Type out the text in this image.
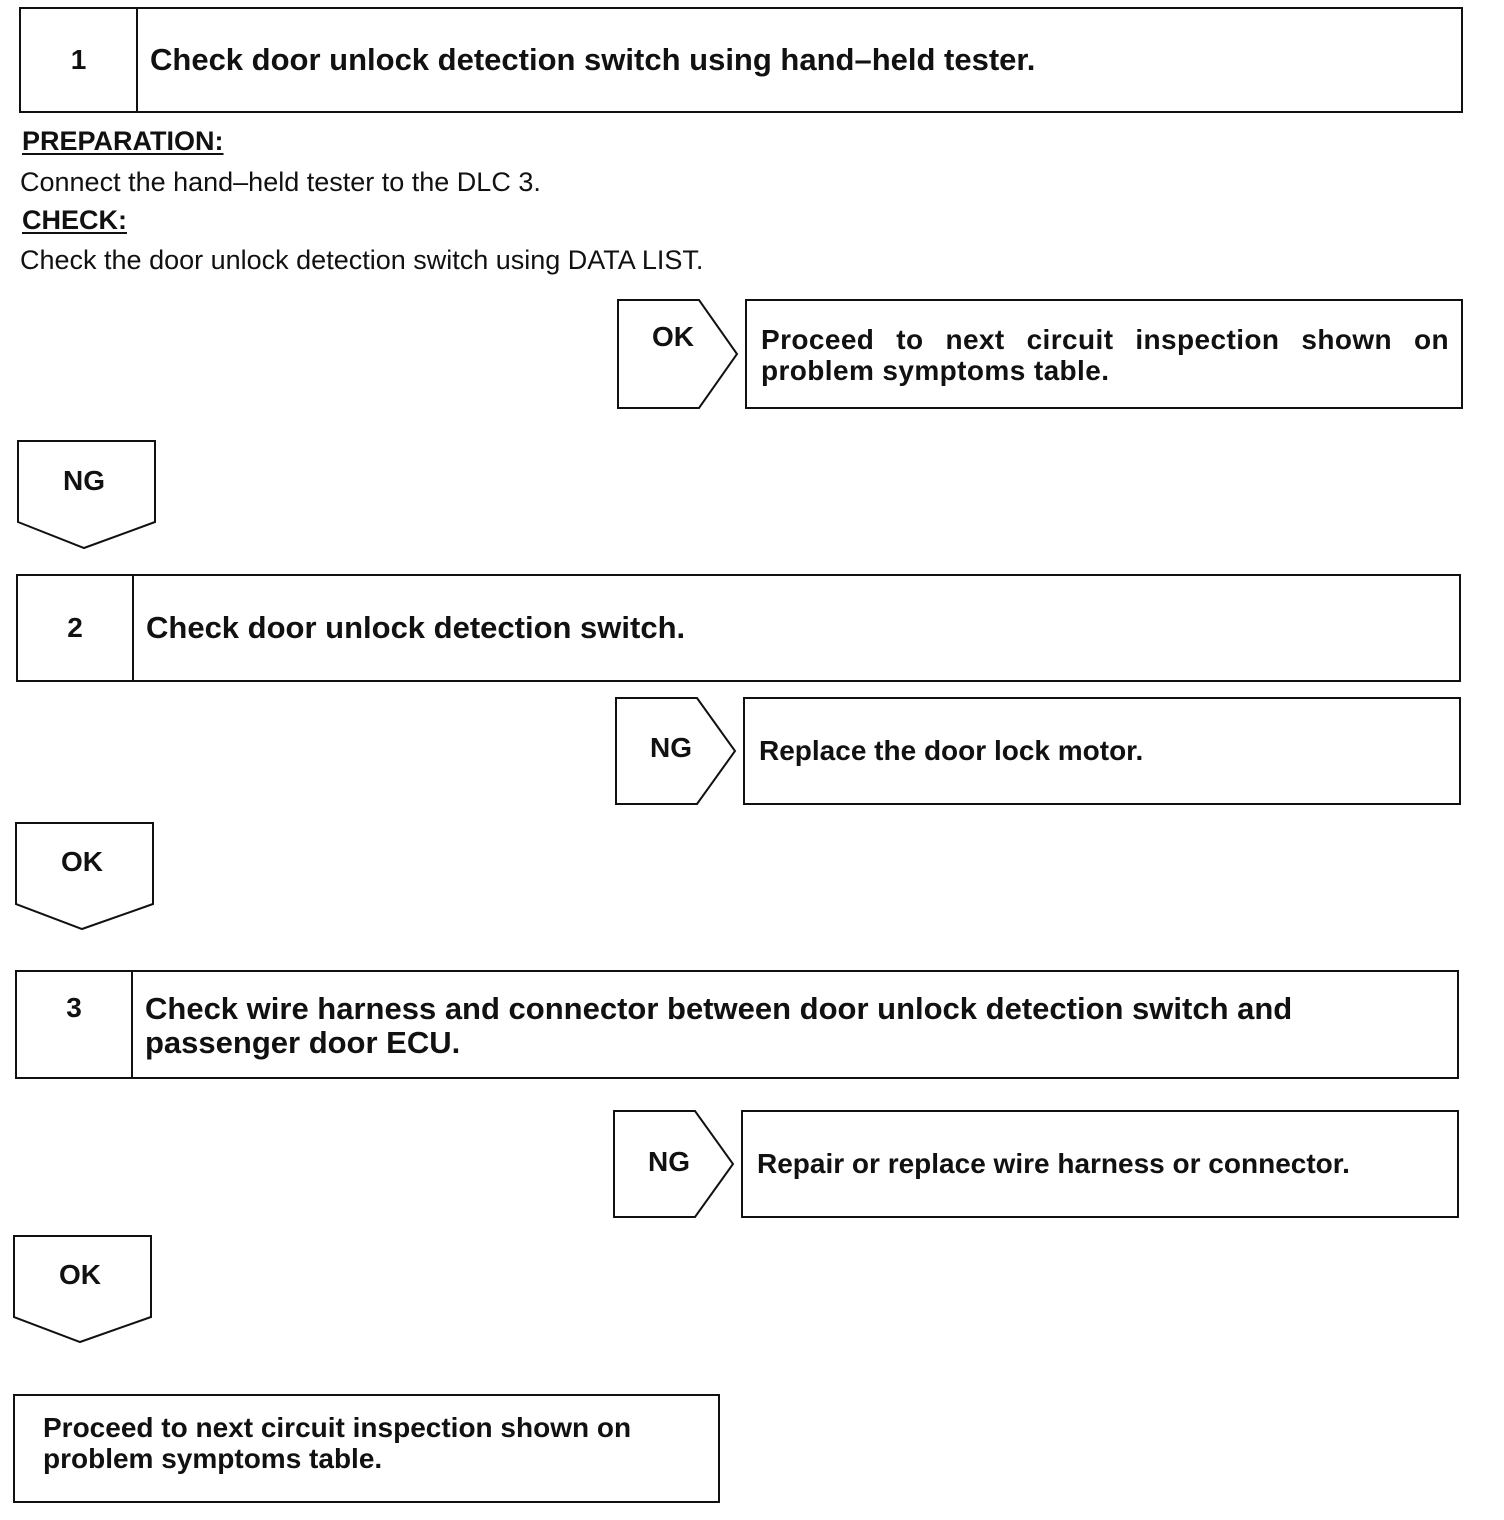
1	Check door unlock detection switch using hand–held tester.
PREPARATION:
Connect the hand–held tester to the DLC 3.
CHECK:
Check the door unlock detection switch using DATA LIST.
OK	Proceed to next circuit inspection shown on problem symptoms table.
NG
2	Check door unlock detection switch.
NG	Replace the door lock motor.
OK
3	Check wire harness and connector between door unlock detection switch and passenger door ECU.
NG	Repair or replace wire harness or connector.
OK
Proceed to next circuit inspection shown on problem symptoms table.
